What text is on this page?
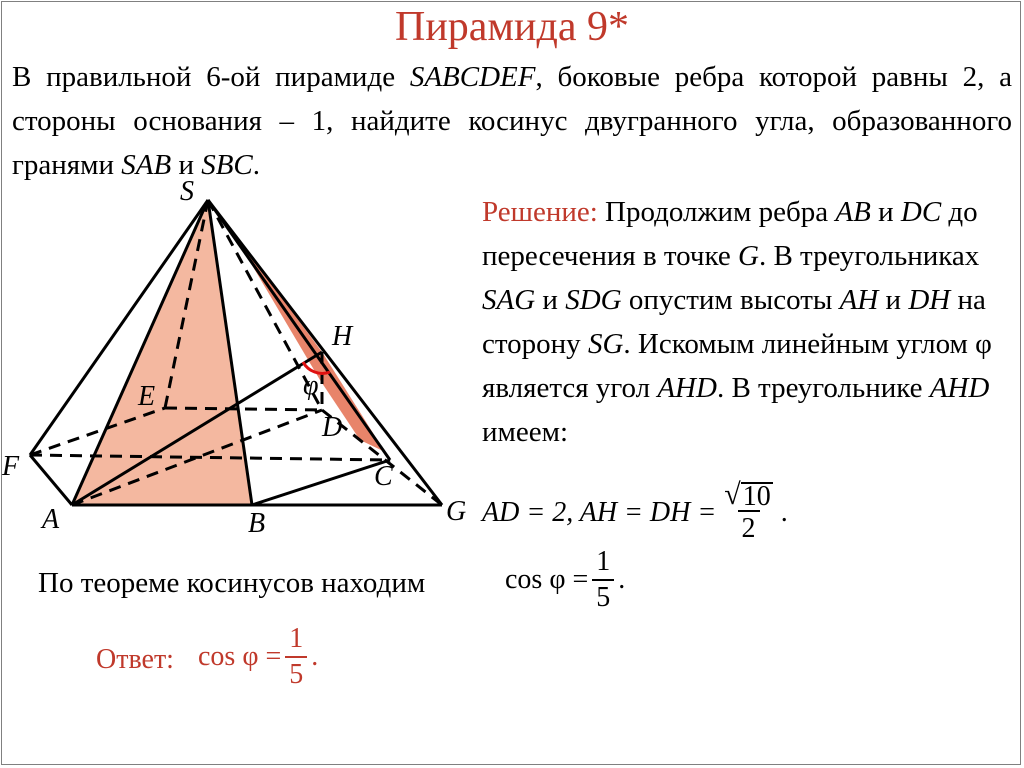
Пирамида 9*
В правильной 6-ой пирамиде SABCDEF, боковые ребра которой равны 2, а стороны основания – 1, найдите косинус двугранного угла, образованного гранями SAB и SBC.
Решение: Продолжим ребра AB и DC до пересечения в точке G. В треугольниках SAG и SDG опустим высоты AH и DH на сторону SG. Искомым линейным углом φ является угол AHD. В треугольнике AHD имеем:
AD = 2, AH = DH = $\frac{√ 10}{2}$ .
По теореме косинусов находим	$\cos \varphi = \frac{1}{5}$ .
Ответ: $\cos \varphi = \frac{1}{5}$ .
S
H
E
D
F	C
A	B	G
φ
